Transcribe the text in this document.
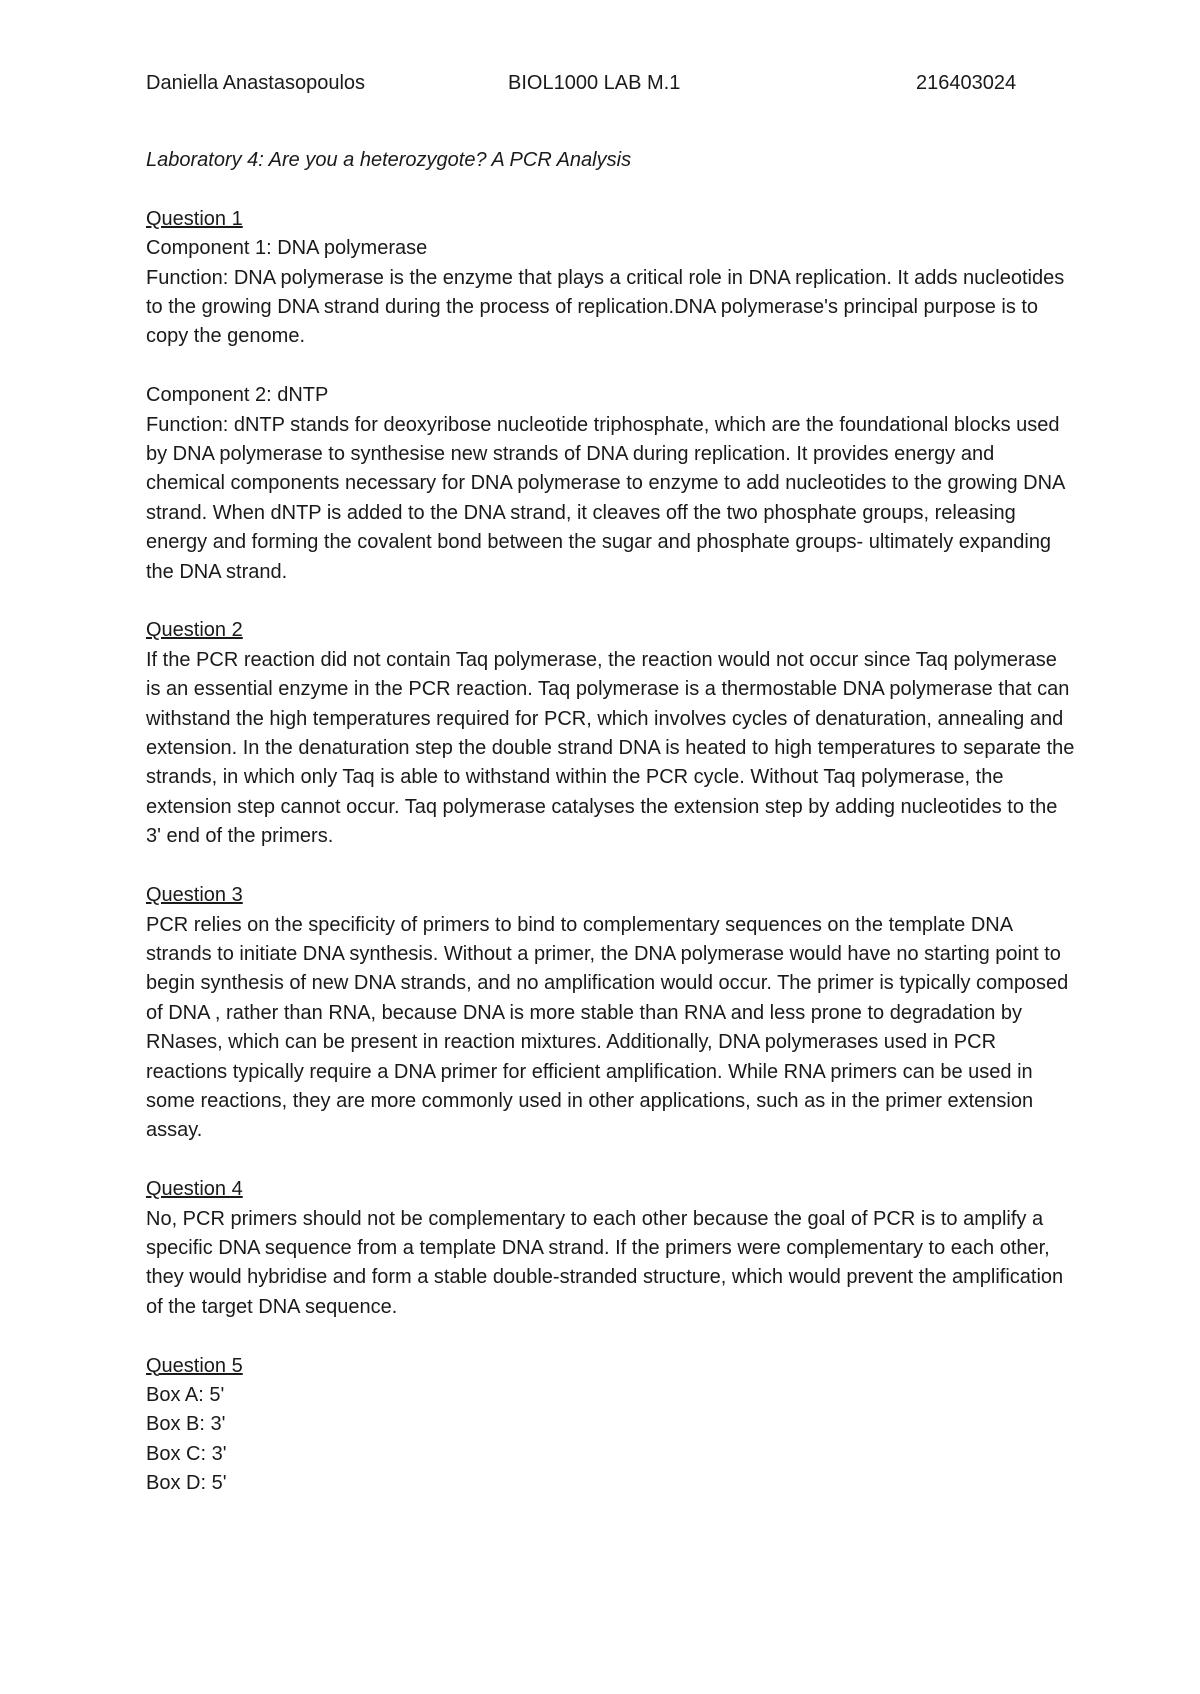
Daniella Anastasopoulos	BIOL1000 LAB M.1	216403024

Laboratory 4: Are you a heterozygote? A PCR Analysis

Question 1

Component 1: DNA polymerase

Function: DNA polymerase is the enzyme that plays a critical role in DNA replication. It adds nucleotides to the growing DNA strand during the process of replication.DNA polymerase's principal purpose is to copy the genome.

Component 2: dNTP

Function: dNTP stands for deoxyribose nucleotide triphosphate, which are the foundational blocks used by DNA polymerase to synthesise new strands of DNA during replication. It provides energy and chemical components necessary for DNA polymerase to enzyme to add nucleotides to the growing DNA strand. When dNTP is added to the DNA strand, it cleaves off the two phosphate groups, releasing energy and forming the covalent bond between the sugar and phosphate groups- ultimately expanding the DNA strand.

Question 2

If the PCR reaction did not contain Taq polymerase, the reaction would not occur since Taq polymerase is an essential enzyme in the PCR reaction. Taq polymerase is a thermostable DNA polymerase that can withstand the high temperatures required for PCR, which involves cycles of denaturation, annealing and extension. In the denaturation step the double strand DNA is heated to high temperatures to separate the strands, in which only Taq is able to withstand within the PCR cycle. Without Taq polymerase, the extension step cannot occur. Taq polymerase catalyses the extension step by adding nucleotides to the 3' end of the primers.

Question 3

PCR relies on the specificity of primers to bind to complementary sequences on the template DNA strands to initiate DNA synthesis. Without a primer, the DNA polymerase would have no starting point to begin synthesis of new DNA strands, and no amplification would occur. The primer is typically composed of DNA , rather than RNA, because DNA is more stable than RNA and less prone to degradation by RNases, which can be present in reaction mixtures. Additionally, DNA polymerases used in PCR reactions typically require a DNA primer for efficient amplification. While RNA primers can be used in some reactions, they are more commonly used in other applications, such as in the primer extension assay.

Question 4

No, PCR primers should not be complementary to each other because the goal of PCR is to amplify a specific DNA sequence from a template DNA strand. If the primers were complementary to each other, they would hybridise and form a stable double-stranded structure, which would prevent the amplification of the target DNA sequence.

Question 5

Box A: 5'

Box B: 3'

Box C: 3'

Box D: 5'
